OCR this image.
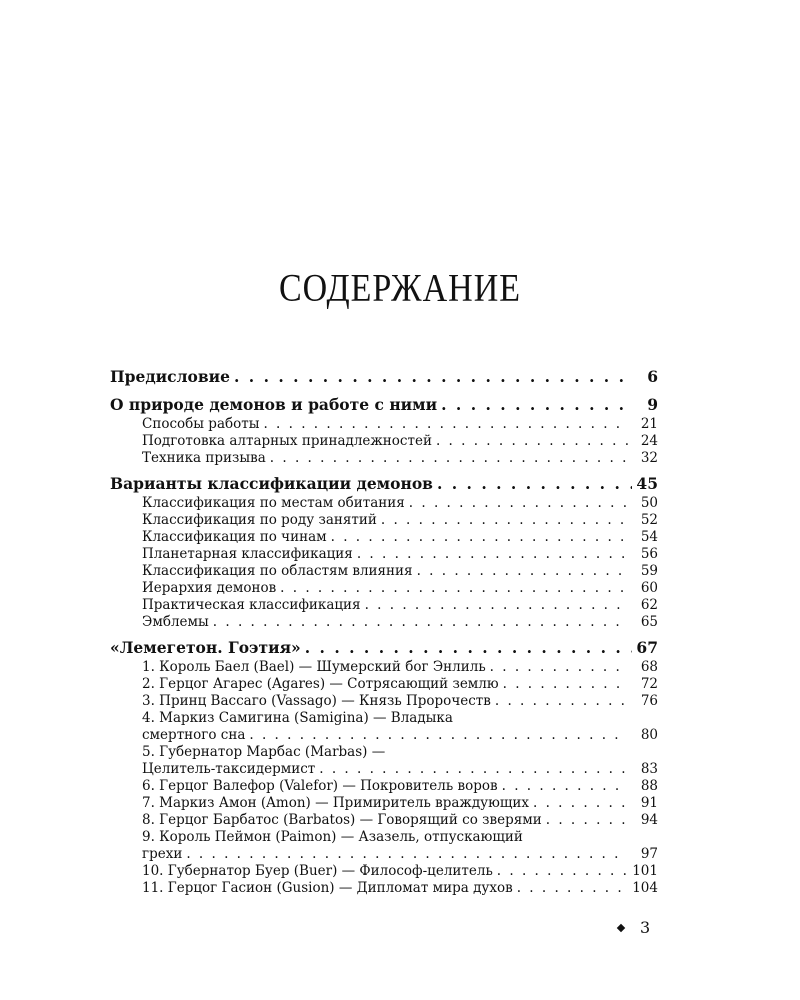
СОДЕРЖАНИЕ
Предисловие . . .	6
О природе демонов и работе с ними . . .	9
Способы работы . . .	21
Подготовка алтарных принадлежностей . . .	24
Техника призыва . . .	32
Варианты классификации демонов . . .	45
Классификация по местам обитания . . .	50
Классификация по роду занятий . . .	52
Классификация по чинам . . .	54
Планетарная классификация . . .	56
Классификация по областям влияния . . .	59
Иерархия демонов . . .	60
Практическая классификация . . .	62
Эмблемы . . .	65
«Лемегетон. Гоэтия» . . .	67
1. Король Баел (Bael) — Шумерский бог Энлиль . . .	68
2. Герцог Агарес (Agares) — Сотрясающий землю . . .	72
3. Принц Вассаго (Vassago) — Князь Пророчеств . . .	76
4. Маркиз Самигина (Samigina) — Владыка
смертного сна . . .	80
5. Губернатор Марбас (Marbas) —
Целитель-таксидермист . . .	83
6. Герцог Валефор (Valefor) — Покровитель воров . . .	88
7. Маркиз Амон (Amon) — Примиритель враждующих . . .	91
8. Герцог Барбатос (Barbatos) — Говорящий со зверями . . .	94
9. Король Пеймон (Paimon) — Азазель, отпускающий
грехи . . .	97
10. Губернатор Буер (Buer) — Философ-целитель . . .	101
11. Герцог Гасион (Gusion) — Дипломат мира духов . . .	104
3
